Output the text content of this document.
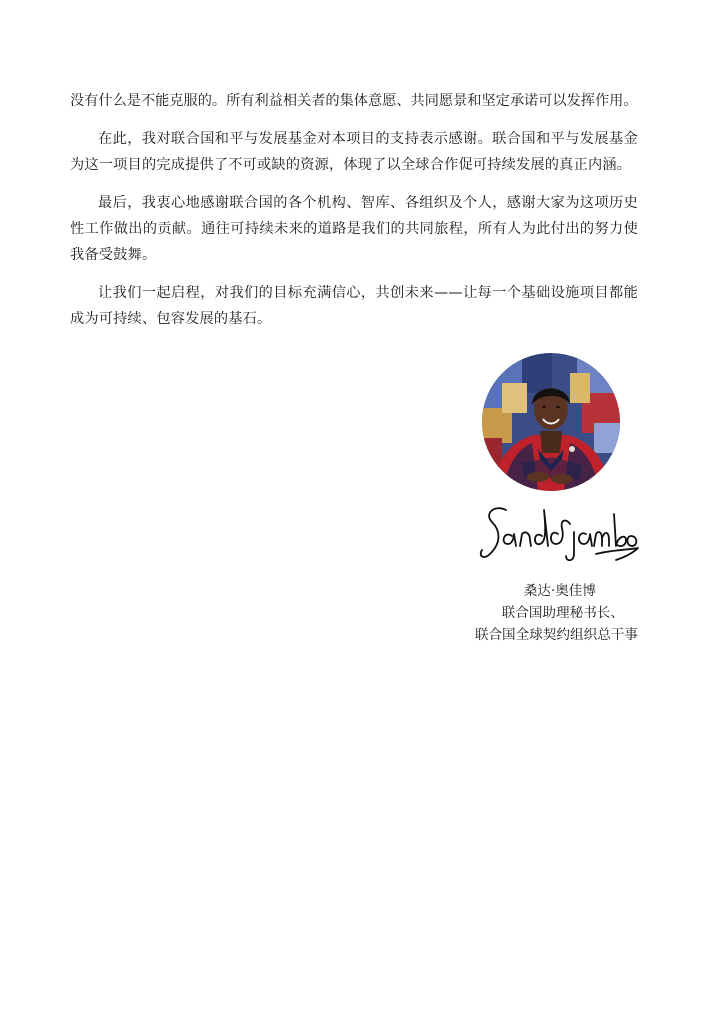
没有什么是不能克服的。所有利益相关者的集体意愿、共同愿景和坚定承诺可以发挥作用。

在此，我对联合国和平与发展基金对本项目的支持表示感谢。联合国和平与发展基金为这一项目的完成提供了不可或缺的资源，体现了以全球合作促可持续发展的真正内涵。

最后，我衷心地感谢联合国的各个机构、智库、各组织及个人，感谢大家为这项历史性工作做出的贡献。通往可持续未来的道路是我们的共同旅程，所有人为此付出的努力使我备受鼓舞。

让我们一起启程，对我们的目标充满信心，共创未来——让每一个基础设施项目都能成为可持续、包容发展的基石。

桑达·奥佳博
联合国助理秘书长、
联合国全球契约组织总干事
